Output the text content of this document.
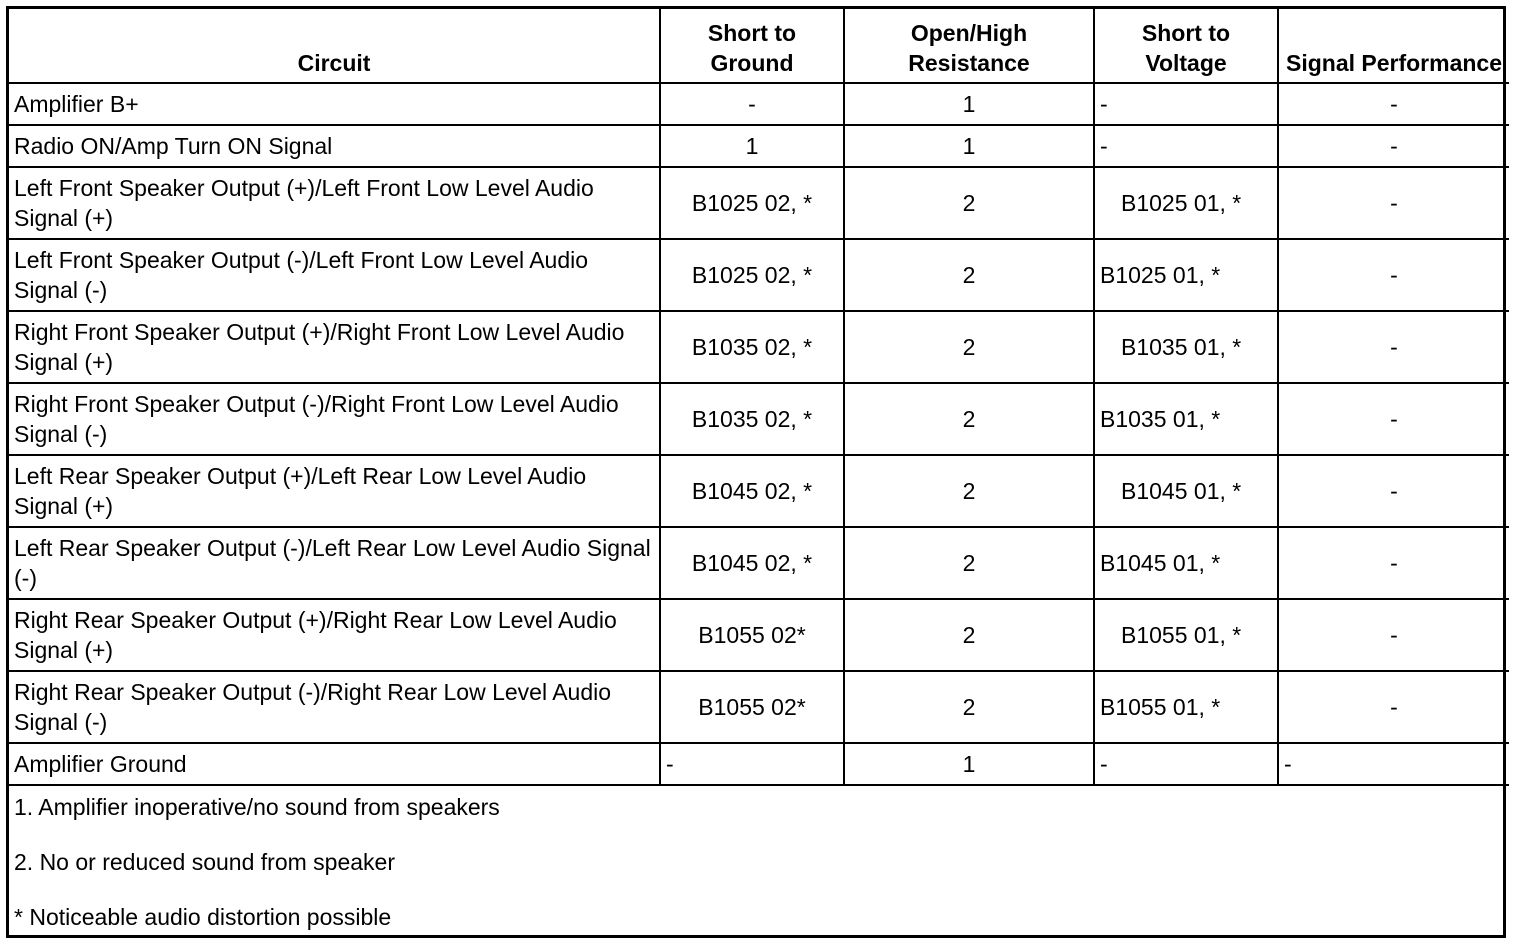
Circuit	Short to Ground	Open/High Resistance	Short to Voltage	Signal Performance
Amplifier B+	-	1	-	-
Radio ON/Amp Turn ON Signal	1	1	-	-
Left Front Speaker Output (+)/Left Front Low Level Audio Signal (+)	B1025 02, *	2	B1025 01, *	-
Left Front Speaker Output (-)/Left Front Low Level Audio Signal (-)	B1025 02, *	2	B1025 01, *	-
Right Front Speaker Output (+)/Right Front Low Level Audio Signal (+)	B1035 02, *	2	B1035 01, *	-
Right Front Speaker Output (-)/Right Front Low Level Audio Signal (-)	B1035 02, *	2	B1035 01, *	-
Left Rear Speaker Output (+)/Left Rear Low Level Audio Signal (+)	B1045 02, *	2	B1045 01, *	-
Left Rear Speaker Output (-)/Left Rear Low Level Audio Signal (-)	B1045 02, *	2	B1045 01, *	-
Right Rear Speaker Output (+)/Right Rear Low Level Audio Signal (+)	B1055 02*	2	B1055 01, *	-
Right Rear Speaker Output (-)/Right Rear Low Level Audio Signal (-)	B1055 02*	2	B1055 01, *	-
Amplifier Ground	-	1	-	-

1. Amplifier inoperative/no sound from speakers
2. No or reduced sound from speaker
* Noticeable audio distortion possible				
